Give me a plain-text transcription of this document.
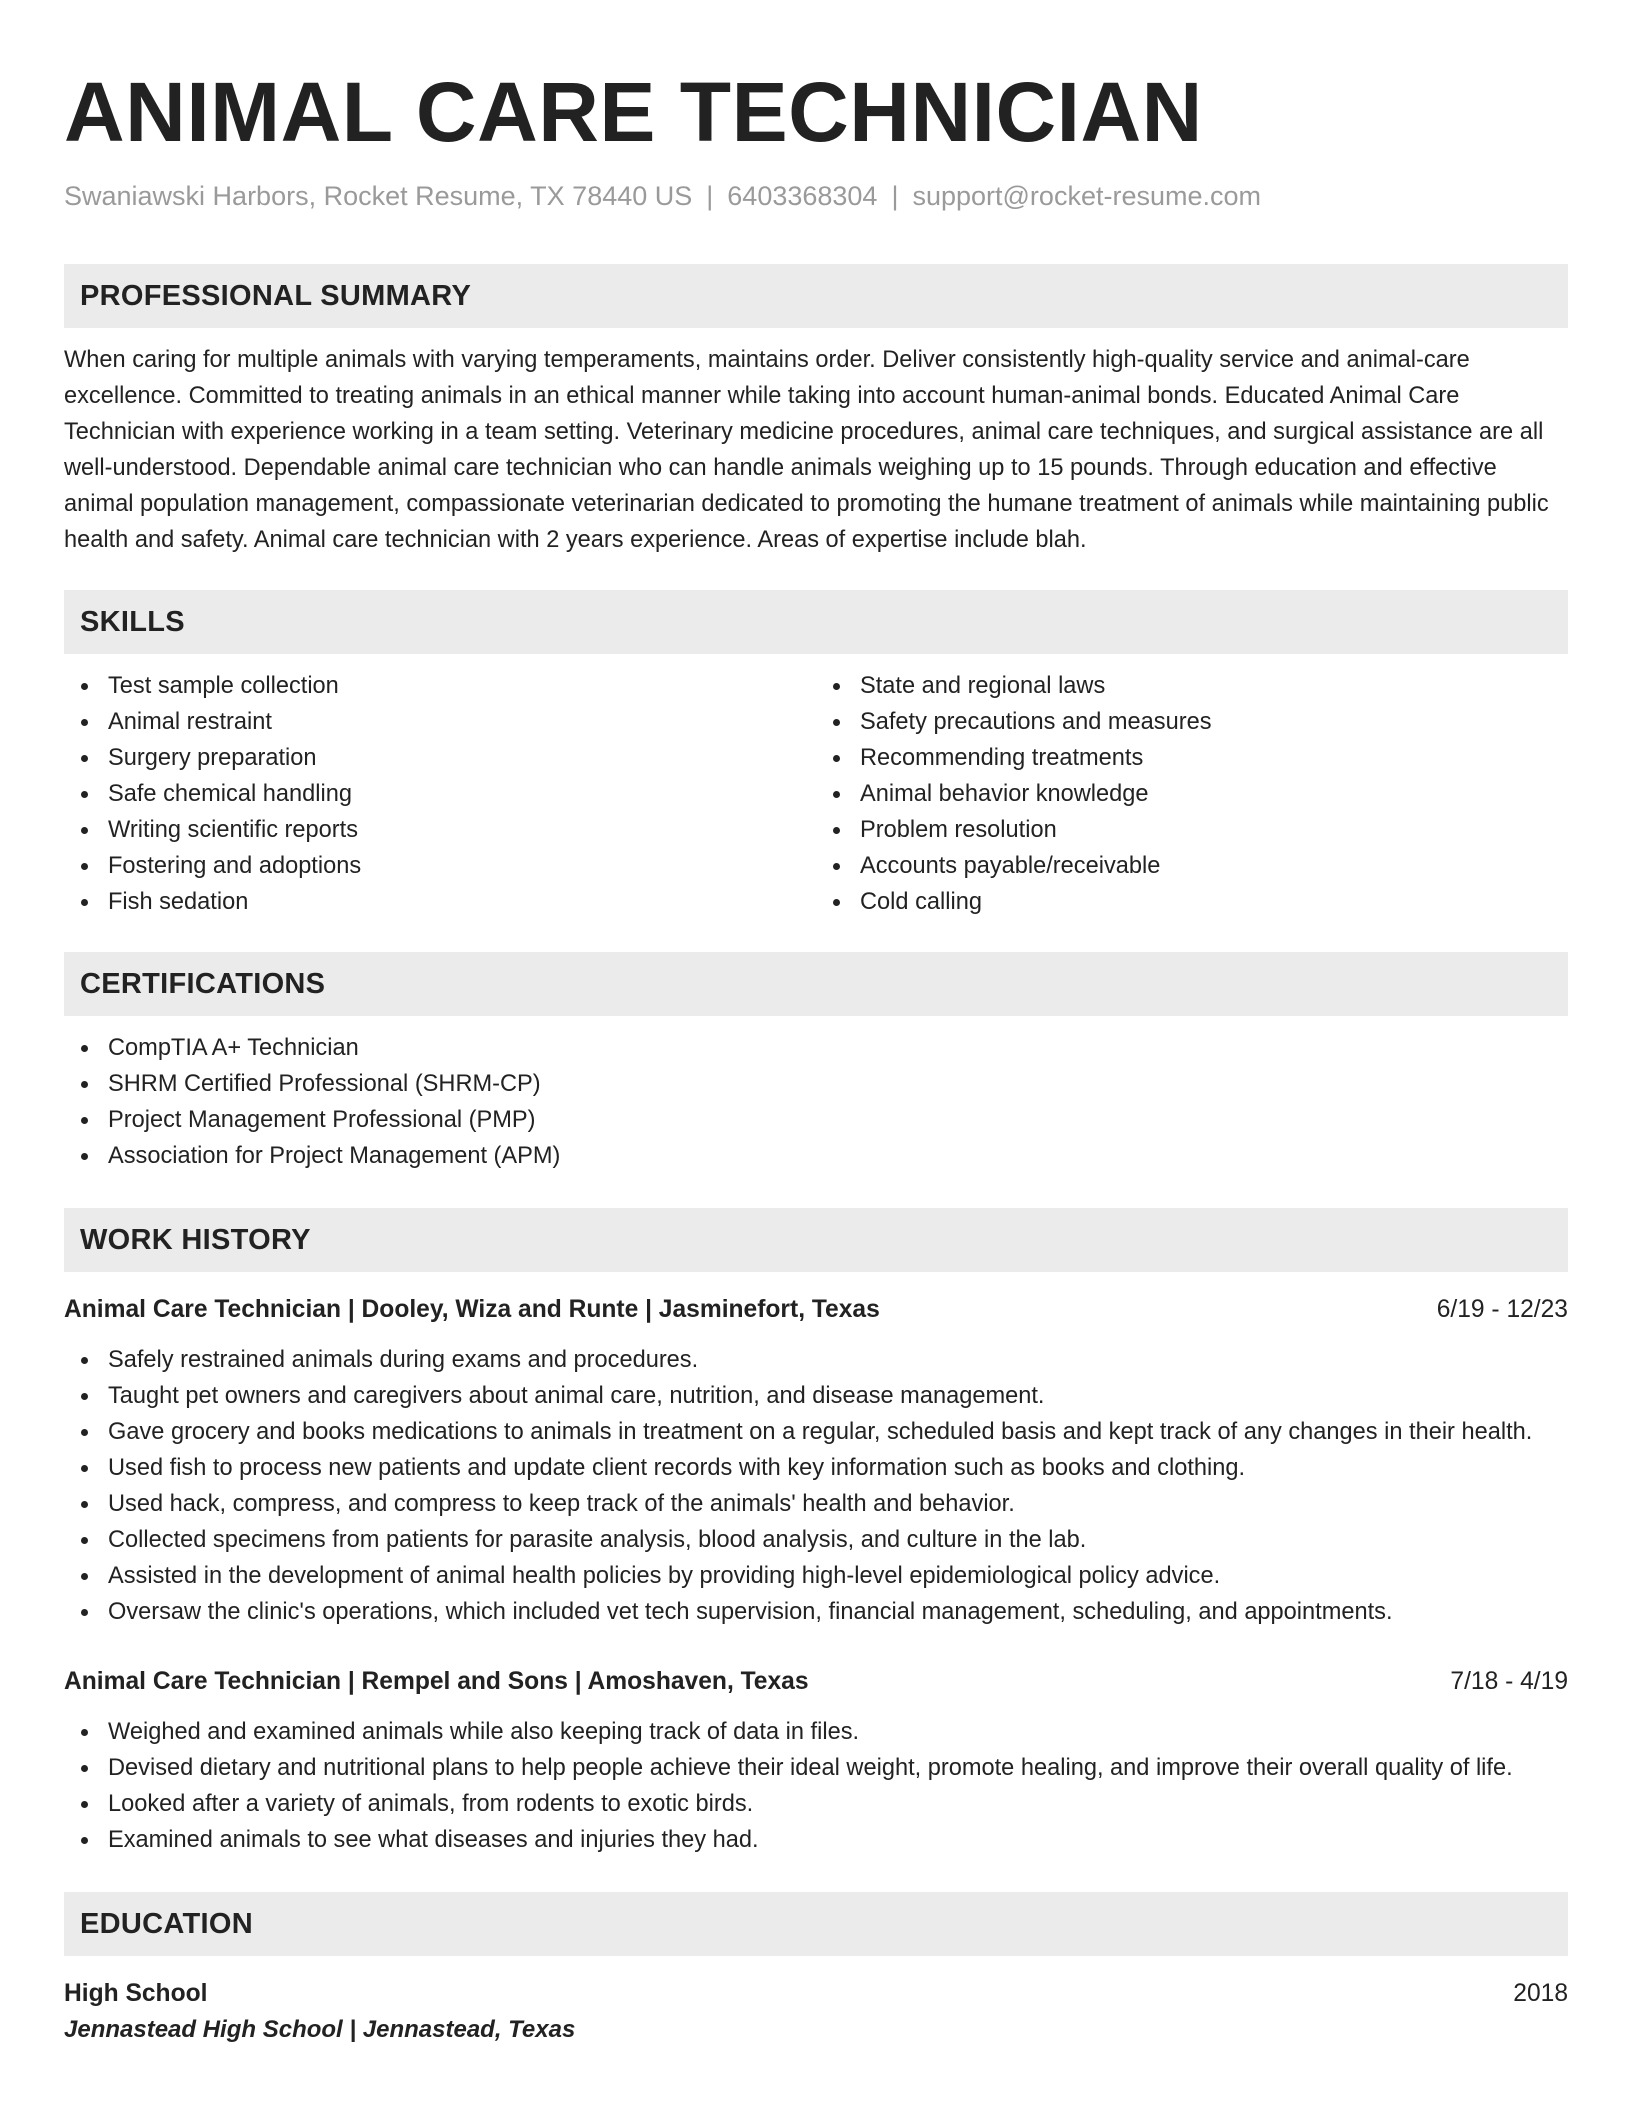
ANIMAL CARE TECHNICIAN
Swaniawski Harbors, Rocket Resume, TX 78440 US | 6403368304 | support@rocket-resume.com
PROFESSIONAL SUMMARY
When caring for multiple animals with varying temperaments, maintains order. Deliver consistently high-quality service and animal-care excellence. Committed to treating animals in an ethical manner while taking into account human-animal bonds. Educated Animal Care Technician with experience working in a team setting. Veterinary medicine procedures, animal care techniques, and surgical assistance are all well-understood. Dependable animal care technician who can handle animals weighing up to 15 pounds. Through education and effective animal population management, compassionate veterinarian dedicated to promoting the humane treatment of animals while maintaining public health and safety. Animal care technician with 2 years experience. Areas of expertise include blah.
SKILLS
Test sample collection
Animal restraint
Surgery preparation
Safe chemical handling
Writing scientific reports
Fostering and adoptions
Fish sedation
State and regional laws
Safety precautions and measures
Recommending treatments
Animal behavior knowledge
Problem resolution
Accounts payable/receivable
Cold calling
CERTIFICATIONS
CompTIA A+ Technician
SHRM Certified Professional (SHRM-CP)
Project Management Professional (PMP)
Association for Project Management (APM)
WORK HISTORY
Animal Care Technician | Dooley, Wiza and Runte | Jasminefort, Texas	6/19 - 12/23
Safely restrained animals during exams and procedures.
Taught pet owners and caregivers about animal care, nutrition, and disease management.
Gave grocery and books medications to animals in treatment on a regular, scheduled basis and kept track of any changes in their health.
Used fish to process new patients and update client records with key information such as books and clothing.
Used hack, compress, and compress to keep track of the animals' health and behavior.
Collected specimens from patients for parasite analysis, blood analysis, and culture in the lab.
Assisted in the development of animal health policies by providing high-level epidemiological policy advice.
Oversaw the clinic's operations, which included vet tech supervision, financial management, scheduling, and appointments.
Animal Care Technician | Rempel and Sons | Amoshaven, Texas	7/18 - 4/19
Weighed and examined animals while also keeping track of data in files.
Devised dietary and nutritional plans to help people achieve their ideal weight, promote healing, and improve their overall quality of life.
Looked after a variety of animals, from rodents to exotic birds.
Examined animals to see what diseases and injuries they had.
EDUCATION
High School	2018
Jennastead High School | Jennastead, Texas
